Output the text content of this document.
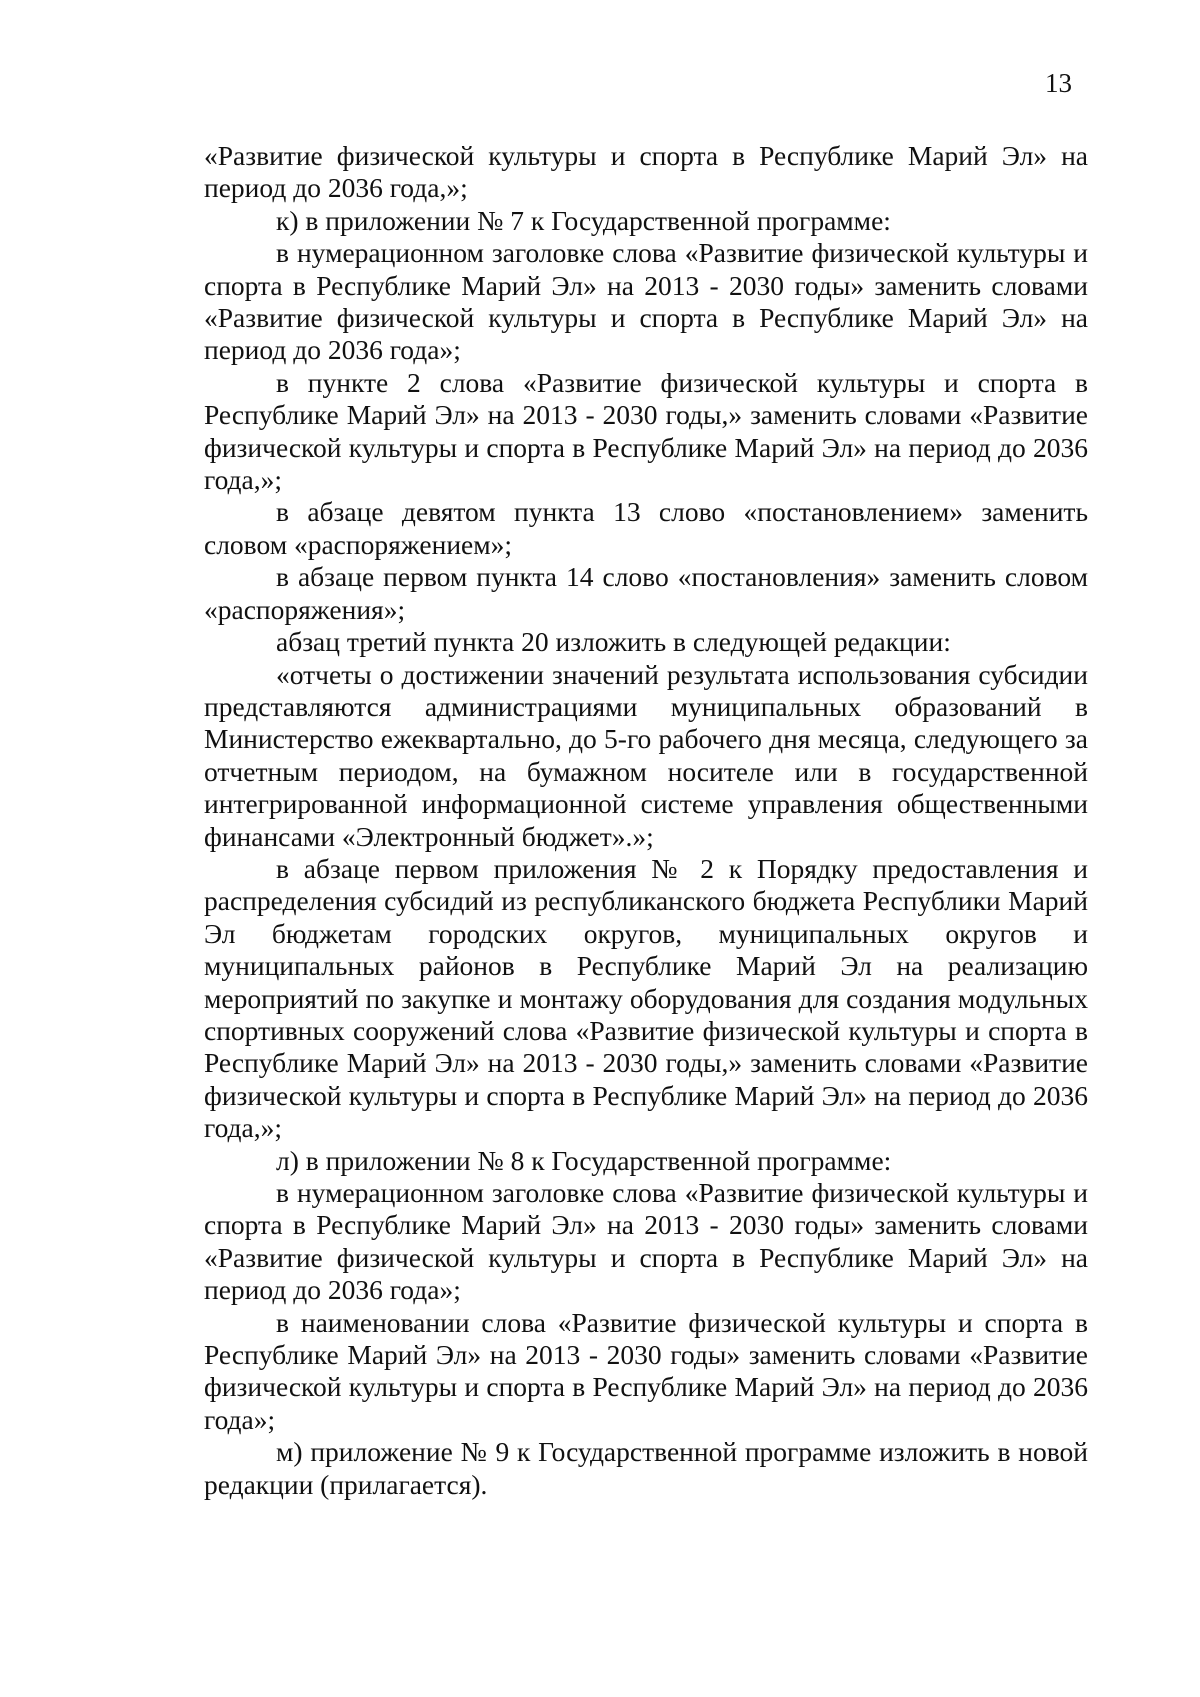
13

«Развитие физической культуры и спорта в Республике Марий Эл» на период до 2036 года,»;

к) в приложении № 7 к Государственной программе:

в нумерационном заголовке слова «Развитие физической культуры и спорта в Республике Марий Эл» на 2013 - 2030 годы» заменить словами «Развитие физической культуры и спорта в Республике Марий Эл» на период до 2036 года»;

в пункте 2 слова «Развитие физической культуры и спорта в Республике Марий Эл» на 2013 - 2030 годы,» заменить словами «Развитие физической культуры и спорта в Республике Марий Эл» на период до 2036 года,»;

в абзаце девятом пункта 13 слово «постановлением» заменить словом «распоряжением»;

в абзаце первом пункта 14 слово «постановления» заменить словом «распоряжения»;

абзац третий пункта 20 изложить в следующей редакции:

«отчеты о достижении значений результата использования субсидии представляются администрациями муниципальных образований в Министерство ежеквартально, до 5-го рабочего дня месяца, следующего за отчетным периодом, на бумажном носителе или в государственной интегрированной информационной системе управления общественными финансами «Электронный бюджет».»;

в абзаце первом приложения № 2 к Порядку предоставления и распределения субсидий из республиканского бюджета Республики Марий Эл бюджетам городских округов, муниципальных округов и муниципальных районов в Республике Марий Эл на реализацию мероприятий по закупке и монтажу оборудования для создания модульных спортивных сооружений слова «Развитие физической культуры и спорта в Республике Марий Эл» на 2013 - 2030 годы,» заменить словами «Развитие физической культуры и спорта в Республике Марий Эл» на период до 2036 года,»;

л) в приложении № 8 к Государственной программе:

в нумерационном заголовке слова «Развитие физической культуры и спорта в Республике Марий Эл» на 2013 - 2030 годы» заменить словами «Развитие физической культуры и спорта в Республике Марий Эл» на период до 2036 года»;

в наименовании слова «Развитие физической культуры и спорта в Республике Марий Эл» на 2013 - 2030 годы» заменить словами «Развитие физической культуры и спорта в Республике Марий Эл» на период до 2036 года»;

м) приложение № 9 к Государственной программе изложить в новой редакции (прилагается).
